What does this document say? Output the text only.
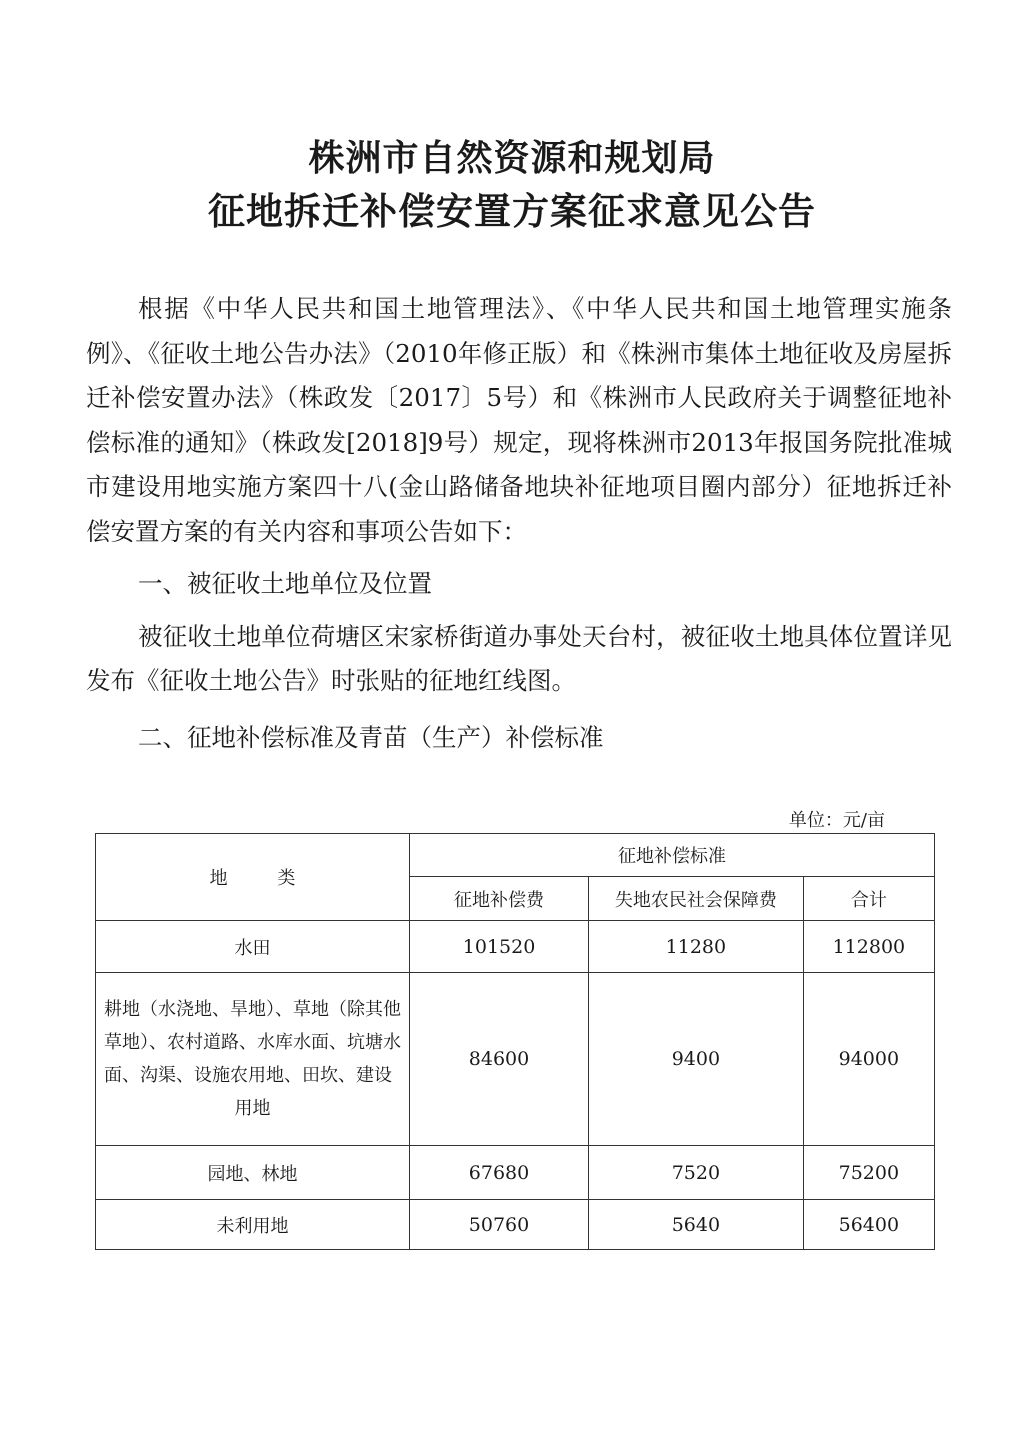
株洲市自然资源和规划局
征地拆迁补偿安置方案征求意见公告

根据《中华人民共和国土地管理法》、《中华人民共和国土地管理实施条例》、《征收土地公告办法》（2010年修正版）和《株洲市集体土地征收及房屋拆迁补偿安置办法》（株政发〔2017〕5号）和《株洲市人民政府关于调整征地补偿标准的通知》（株政发[2018]9号）规定，现将株洲市2013年报国务院批准城市建设用地实施方案四十八(金山路储备地块补征地项目圈内部分）征地拆迁补偿安置方案的有关内容和事项公告如下：

一、被征收土地单位及位置

被征收土地单位荷塘区宋家桥街道办事处天台村，被征收土地具体位置详见发布《征收土地公告》时张贴的征地红线图。

二、征地补偿标准及青苗（生产）补偿标准

单位：元/亩
地 类	征地补偿标准		
	征地补偿费	失地农民社会保障费	合计
水田	101520	11280	112800
耕地（水浇地、旱地）、草地（除其他草地）、农村道路、水库水面、坑塘水面、沟渠、设施农用地、田坎、建设用地	84600	9400	94000
园地、林地	67680	7520	75200
未利用地	50760	5640	56400
